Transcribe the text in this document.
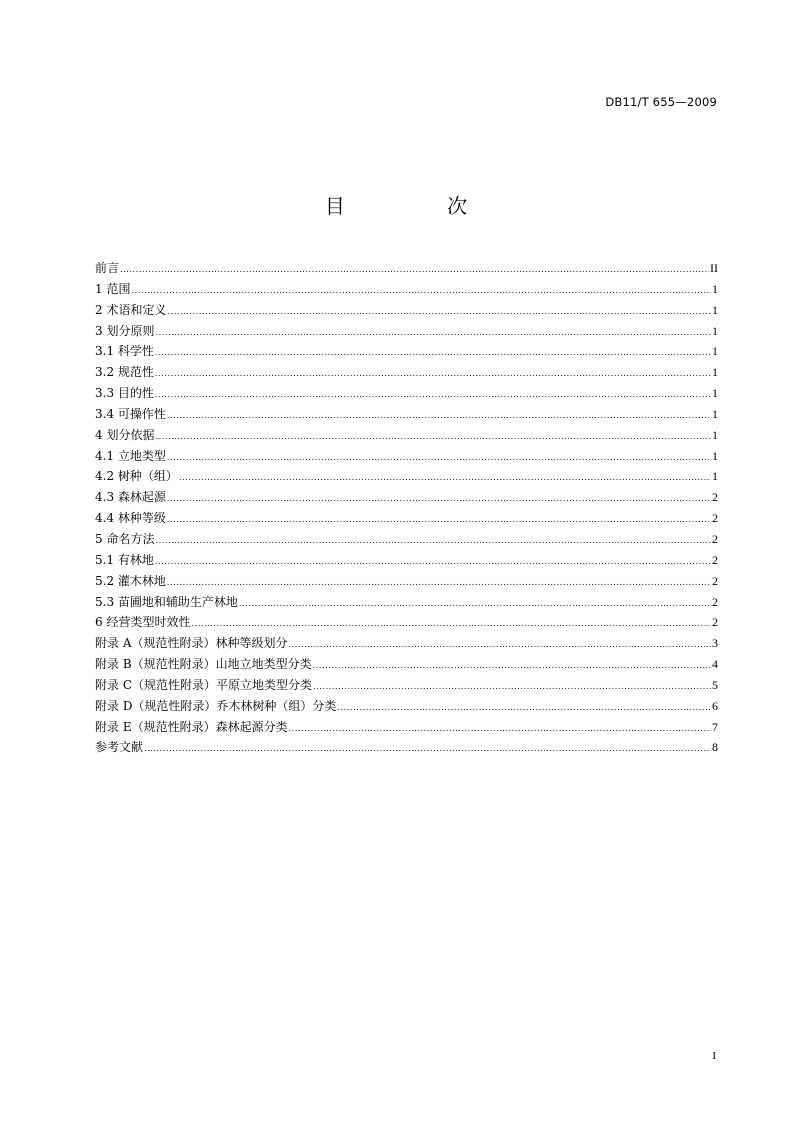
DB11/T 655—2009
目 次
前言 .....	II
1 范围 .....	1
2 术语和定义 .....	1
3 划分原则 .....	1
3.1 科学性 .....	1
3.2 规范性 .....	1
3.3 目的性 .....	1
3.4 可操作性 .....	1
4 划分依据 .....	1
4.1 立地类型 .....	1
4.2 树种（组） .....	1
4.3 森林起源 .....	2
4.4 林种等级 .....	2
5 命名方法 .....	2
5.1 有林地 .....	2
5.2 灌木林地 .....	2
5.3 苗圃地和辅助生产林地 .....	2
6 经营类型时效性 .....	2
附录 A（规范性附录）林种等级划分 .....	3
附录 B（规范性附录）山地立地类型分类 .....	4
附录 C（规范性附录）平原立地类型分类 .....	5
附录 D（规范性附录）乔木林树种（组）分类 .....	6
附录 E（规范性附录）森林起源分类 .....	7
参考文献 .....	8
I
